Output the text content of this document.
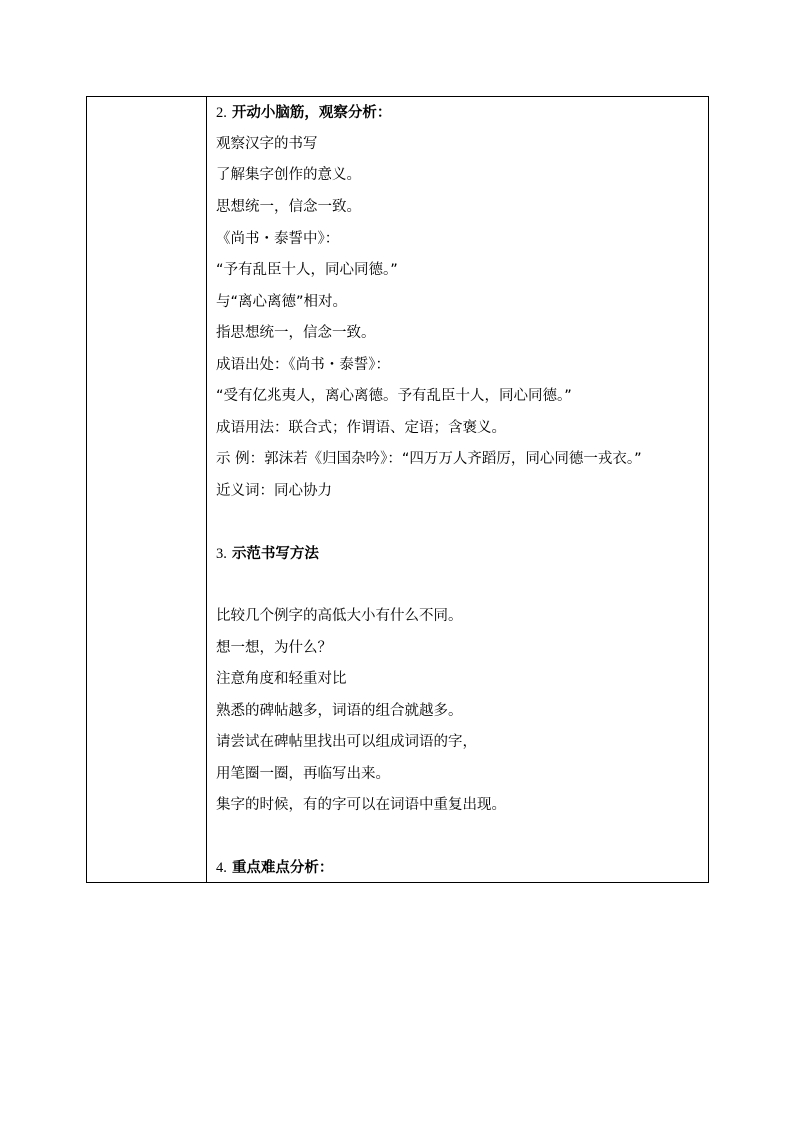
2. 开动小脑筋，观察分析：
观察汉字的书写
了解集字创作的意义。
思想统一，信念一致。
《尚书・泰誓中》：
“予有乱臣十人，同心同德。”
与“离心离德”相对。
指思想统一，信念一致。
成语出处：《尚书・泰誓》：
“受有亿兆夷人，离心离德。予有乱臣十人，同心同德。”
成语用法：联合式；作谓语、定语；含褒义。
示 例：郭沫若《归国杂吟》：“四万万人齐蹈厉，同心同德一戎衣。”
近义词：同心协力
3. 示范书写方法
比较几个例字的高低大小有什么不同。
想一想，为什么？
注意角度和轻重对比
熟悉的碑帖越多，词语的组合就越多。
请尝试在碑帖里找出可以组成词语的字，
用笔圈一圈，再临写出来。
集字的时候，有的字可以在词语中重复出现。
4. 重点难点分析：
